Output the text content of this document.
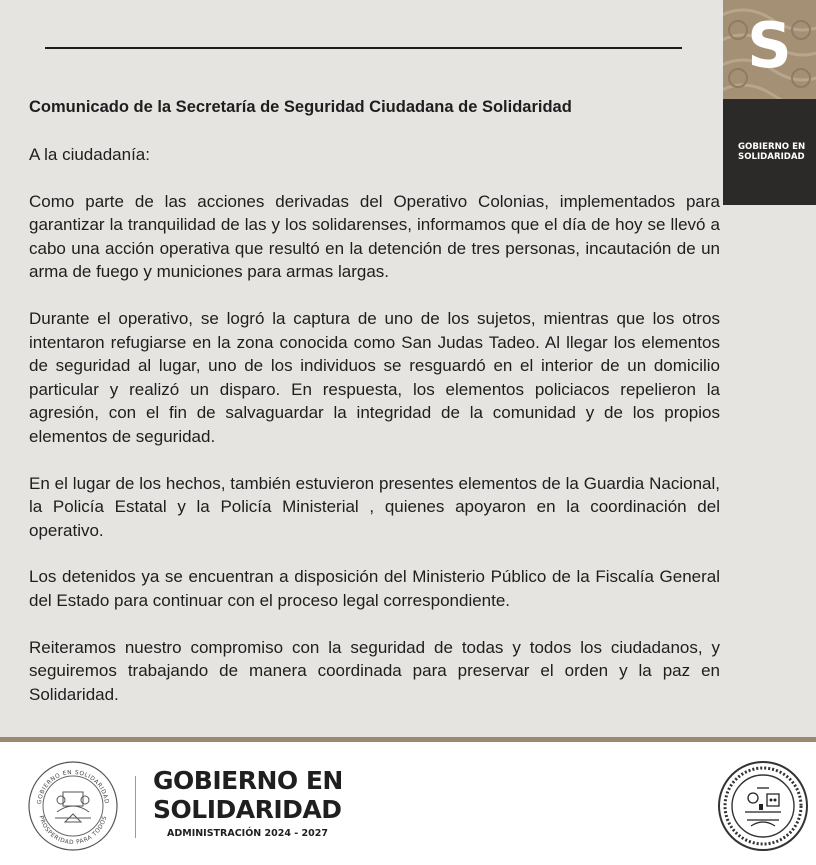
S
GOBIERNO EN
SOLIDARIDAD

Comunicado de la Secretaría de Seguridad Ciudadana de Solidaridad

A la ciudadanía:

Como parte de las acciones derivadas del Operativo Colonias, implementados para garantizar la tranquilidad de las y los solidarenses, informamos que el día de hoy se llevó a cabo una acción operativa que resultó en la detención de tres personas, incautación de un arma de fuego y municiones para armas largas.

Durante el operativo, se logró la captura de uno de los sujetos, mientras que los otros intentaron refugiarse en la zona conocida como San Judas Tadeo. Al llegar los elementos de seguridad al lugar, uno de los individuos se resguardó en el interior de un domicilio particular y realizó un disparo. En respuesta, los elementos policiacos repelieron la agresión, con el fin de salvaguardar la integridad de la comunidad y de los propios elementos de seguridad.

En el lugar de los hechos, también estuvieron presentes elementos de la Guardia Nacional, la Policía Estatal y la Policía Ministerial , quienes apoyaron en la coordinación del operativo.

Los detenidos ya se encuentran a disposición del Ministerio Público de la Fiscalía General del Estado para continuar con el proceso legal correspondiente.

Reiteramos nuestro compromiso con la seguridad de todas y todos los ciudadanos, y seguiremos trabajando de manera coordinada para preservar el orden y la paz en Solidaridad.

GOBIERNO EN SOLIDARIDAD
PROSPERIDAD PARA TODOS
GOBIERNO EN
SOLIDARIDAD
ADMINISTRACIÓN 2024 - 2027
